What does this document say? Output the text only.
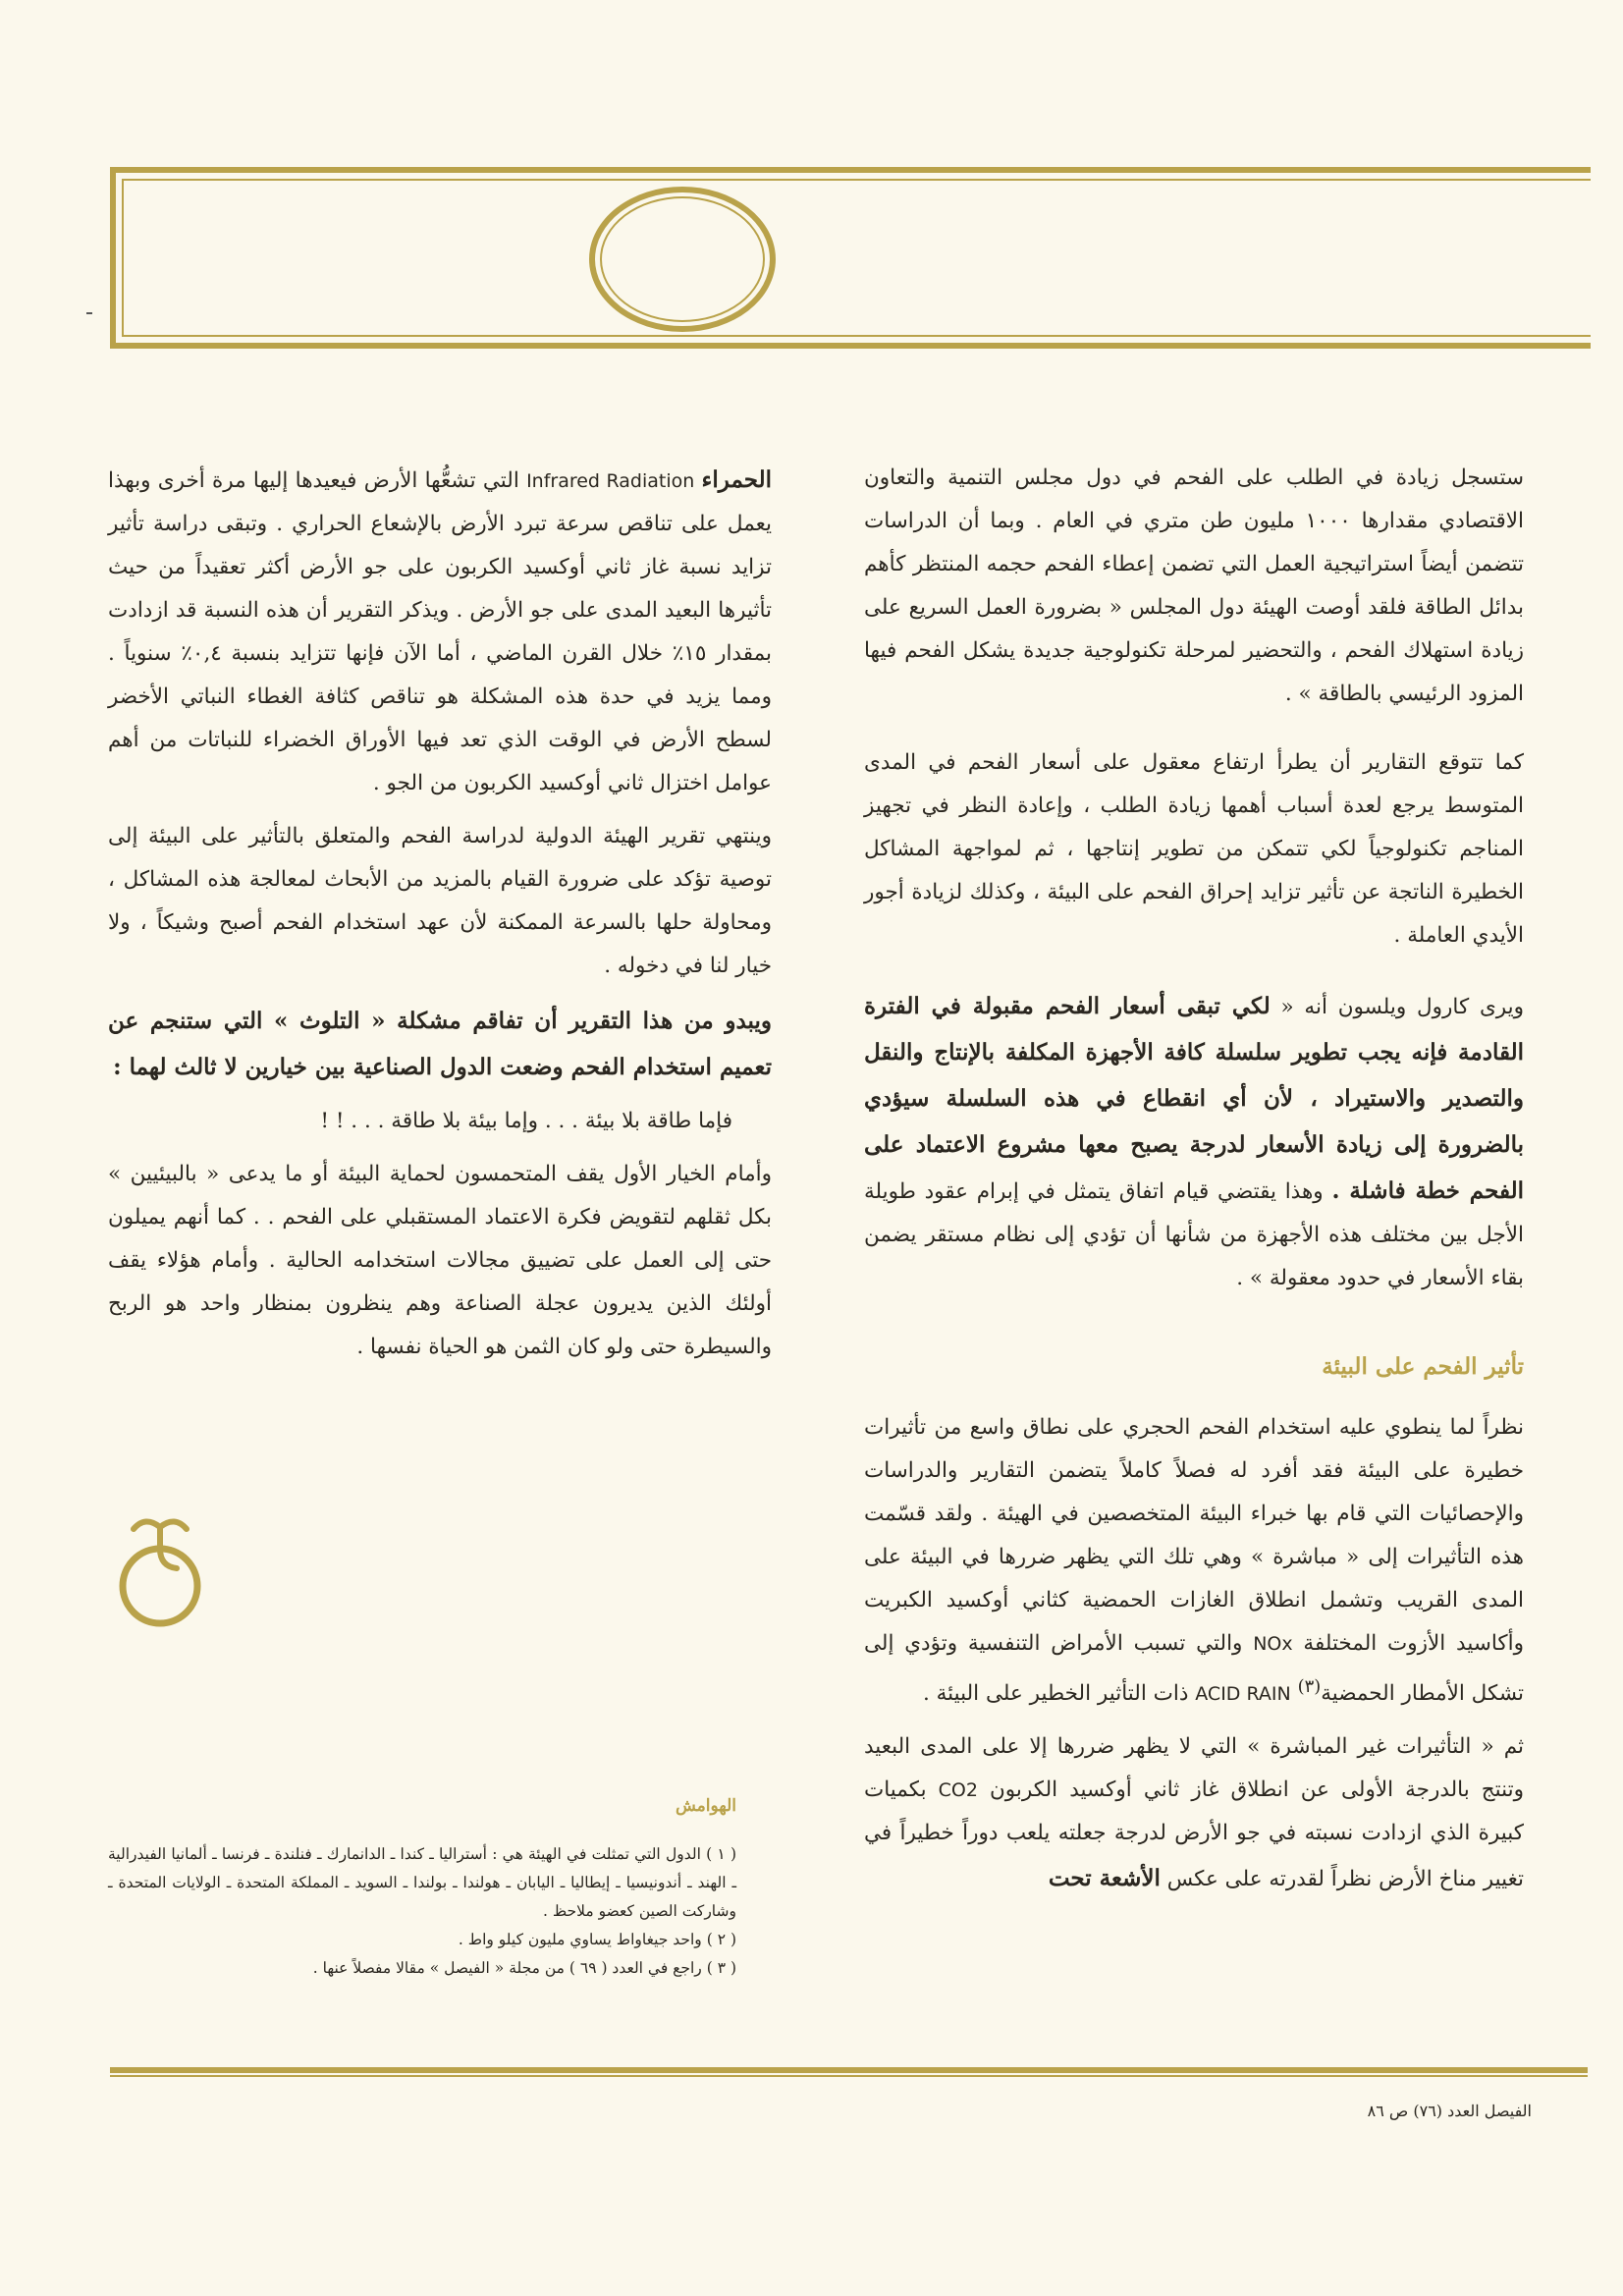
ستسجل زيادة في الطلب على الفحم في دول مجلس التنمية والتعاون الاقتصادي مقدارها ١٠٠٠ مليون طن متري في العام . وبما أن الدراسات تتضمن أيضاً استراتيجية العمل التي تضمن إعطاء الفحم حجمه المنتظر كأهم بدائل الطاقة فلقد أوصت الهيئة دول المجلس « بضرورة العمل السريع على زيادة استهلاك الفحم ، والتحضير لمرحلة تكنولوجية جديدة يشكل الفحم فيها المزود الرئيسي بالطاقة » .

كما تتوقع التقارير أن يطرأ ارتفاع معقول على أسعار الفحم في المدى المتوسط يرجع لعدة أسباب أهمها زيادة الطلب ، وإعادة النظر في تجهيز المناجم تكنولوجياً لكي تتمكن من تطوير إنتاجها ، ثم لمواجهة المشاكل الخطيرة الناتجة عن تأثير تزايد إحراق الفحم على البيئة ، وكذلك لزيادة أجور الأيدي العاملة .

ويرى كارول ويلسون أنه « لكي تبقى أسعار الفحم مقبولة في الفترة القادمة فإنه يجب تطوير سلسلة كافة الأجهزة المكلفة بالإنتاج والنقل والتصدير والاستيراد ، لأن أي انقطاع في هذه السلسلة سيؤدي بالضرورة إلى زيادة الأسعار لدرجة يصبح معها مشروع الاعتماد على الفحم خطة فاشلة . وهذا يقتضي قيام اتفاق يتمثل في إبرام عقود طويلة الأجل بين مختلف هذه الأجهزة من شأنها أن تؤدي إلى نظام مستقر يضمن بقاء الأسعار في حدود معقولة » .

تأثير الفحم على البيئة

نظراً لما ينطوي عليه استخدام الفحم الحجري على نطاق واسع من تأثيرات خطيرة على البيئة فقد أفرد له فصلاً كاملاً يتضمن التقارير والدراسات والإحصائيات التي قام بها خبراء البيئة المتخصصين في الهيئة . ولقد قسّمت هذه التأثيرات إلى « مباشرة » وهي تلك التي يظهر ضررها في البيئة على المدى القريب وتشمل انطلاق الغازات الحمضية كثاني أوكسيد الكبريت وأكاسيد الأزوت المختلفة NOx والتي تسبب الأمراض التنفسية وتؤدي إلى تشكل الأمطار الحمضية$^{(٣)}$ ACID RAIN ذات التأثير الخطير على البيئة .

ثم « التأثيرات غير المباشرة » التي لا يظهر ضررها إلا على المدى البعيد وتنتج بالدرجة الأولى عن انطلاق غاز ثاني أوكسيد الكربون CO2 بكميات كبيرة الذي ازدادت نسبته في جو الأرض لدرجة جعلته يلعب دوراً خطيراً في تغيير مناخ الأرض نظراً لقدرته على عكس الأشعة تحت

الحمراء Infrared Radiation التي تشعُّها الأرض فيعيدها إليها مرة أخرى وبهذا يعمل على تناقص سرعة تبرد الأرض بالإشعاع الحراري . وتبقى دراسة تأثير تزايد نسبة غاز ثاني أوكسيد الكربون على جو الأرض أكثر تعقيداً من حيث تأثيرها البعيد المدى على جو الأرض . ويذكر التقرير أن هذه النسبة قد ازدادت بمقدار ١٥٪ خلال القرن الماضي ، أما الآن فإنها تتزايد بنسبة ٠,٤٪ سنوياً . ومما يزيد في حدة هذه المشكلة هو تناقص كثافة الغطاء النباتي الأخضر لسطح الأرض في الوقت الذي تعد فيها الأوراق الخضراء للنباتات من أهم عوامل اختزال ثاني أوكسيد الكربون من الجو .

وينتهي تقرير الهيئة الدولية لدراسة الفحم والمتعلق بالتأثير على البيئة إلى توصية تؤكد على ضرورة القيام بالمزيد من الأبحاث لمعالجة هذه المشاكل ، ومحاولة حلها بالسرعة الممكنة لأن عهد استخدام الفحم أصبح وشيكاً ، ولا خيار لنا في دخوله .

ويبدو من هذا التقرير أن تفاقم مشكلة « التلوث » التي ستنجم عن تعميم استخدام الفحم وضعت الدول الصناعية بين خيارين لا ثالث لهما :

فإما طاقة بلا بيئة . . . وإما بيئة بلا طاقة . . . ! !

وأمام الخيار الأول يقف المتحمسون لحماية البيئة أو ما يدعى « بالبيئيين » بكل ثقلهم لتقويض فكرة الاعتماد المستقبلي على الفحم . . كما أنهم يميلون حتى إلى العمل على تضييق مجالات استخدامه الحالية . وأمام هؤلاء يقف أولئك الذين يديرون عجلة الصناعة وهم ينظرون بمنظار واحد هو الربح والسيطرة حتى ولو كان الثمن هو الحياة نفسها .

الهوامش

( ١ ) الدول التي تمثلت في الهيئة هي : أستراليا ـ كندا ـ الدانمارك ـ فنلندة ـ فرنسا ـ ألمانيا الفيدرالية ـ الهند ـ أندونيسيا ـ إيطاليا ـ اليابان ـ هولندا ـ بولندا ـ السويد ـ المملكة المتحدة ـ الولايات المتحدة ـ وشاركت الصين كعضو ملاحظ .

( ٢ ) واحد جيغاواط يساوي مليون كيلو واط .

( ٣ ) راجع في العدد ( ٦٩ ) من مجلة « الفيصل » مقالا مفصلاً عنها .

الفيصل العدد (٧٦) ص ٨٦
